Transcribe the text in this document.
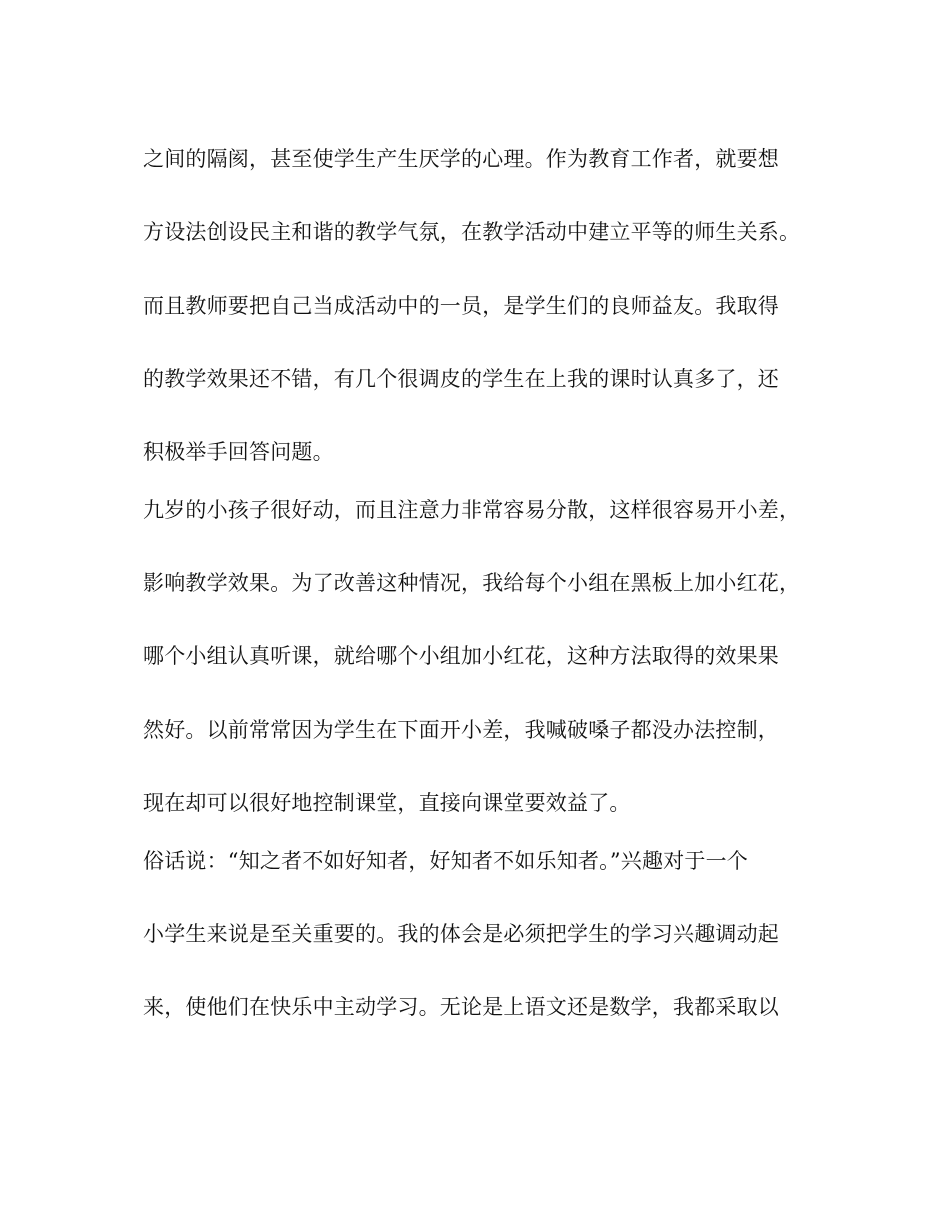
之间的隔阂，甚至使学生产生厌学的心理。作为教育工作者，就要想
方设法创设民主和谐的教学气氛，在教学活动中建立平等的师生关系。
而且教师要把自己当成活动中的一员，是学生们的良师益友。我取得
的教学效果还不错，有几个很调皮的学生在上我的课时认真多了，还
积极举手回答问题。
九岁的小孩子很好动，而且注意力非常容易分散，这样很容易开小差，
影响教学效果。为了改善这种情况，我给每个小组在黑板上加小红花，
哪个小组认真听课，就给哪个小组加小红花，这种方法取得的效果果
然好。以前常常因为学生在下面开小差，我喊破嗓子都没办法控制，
现在却可以很好地控制课堂，直接向课堂要效益了。
俗话说：“知之者不如好知者，好知者不如乐知者。”兴趣对于一个
小学生来说是至关重要的。我的体会是必须把学生的学习兴趣调动起
来，使他们在快乐中主动学习。无论是上语文还是数学，我都采取以
